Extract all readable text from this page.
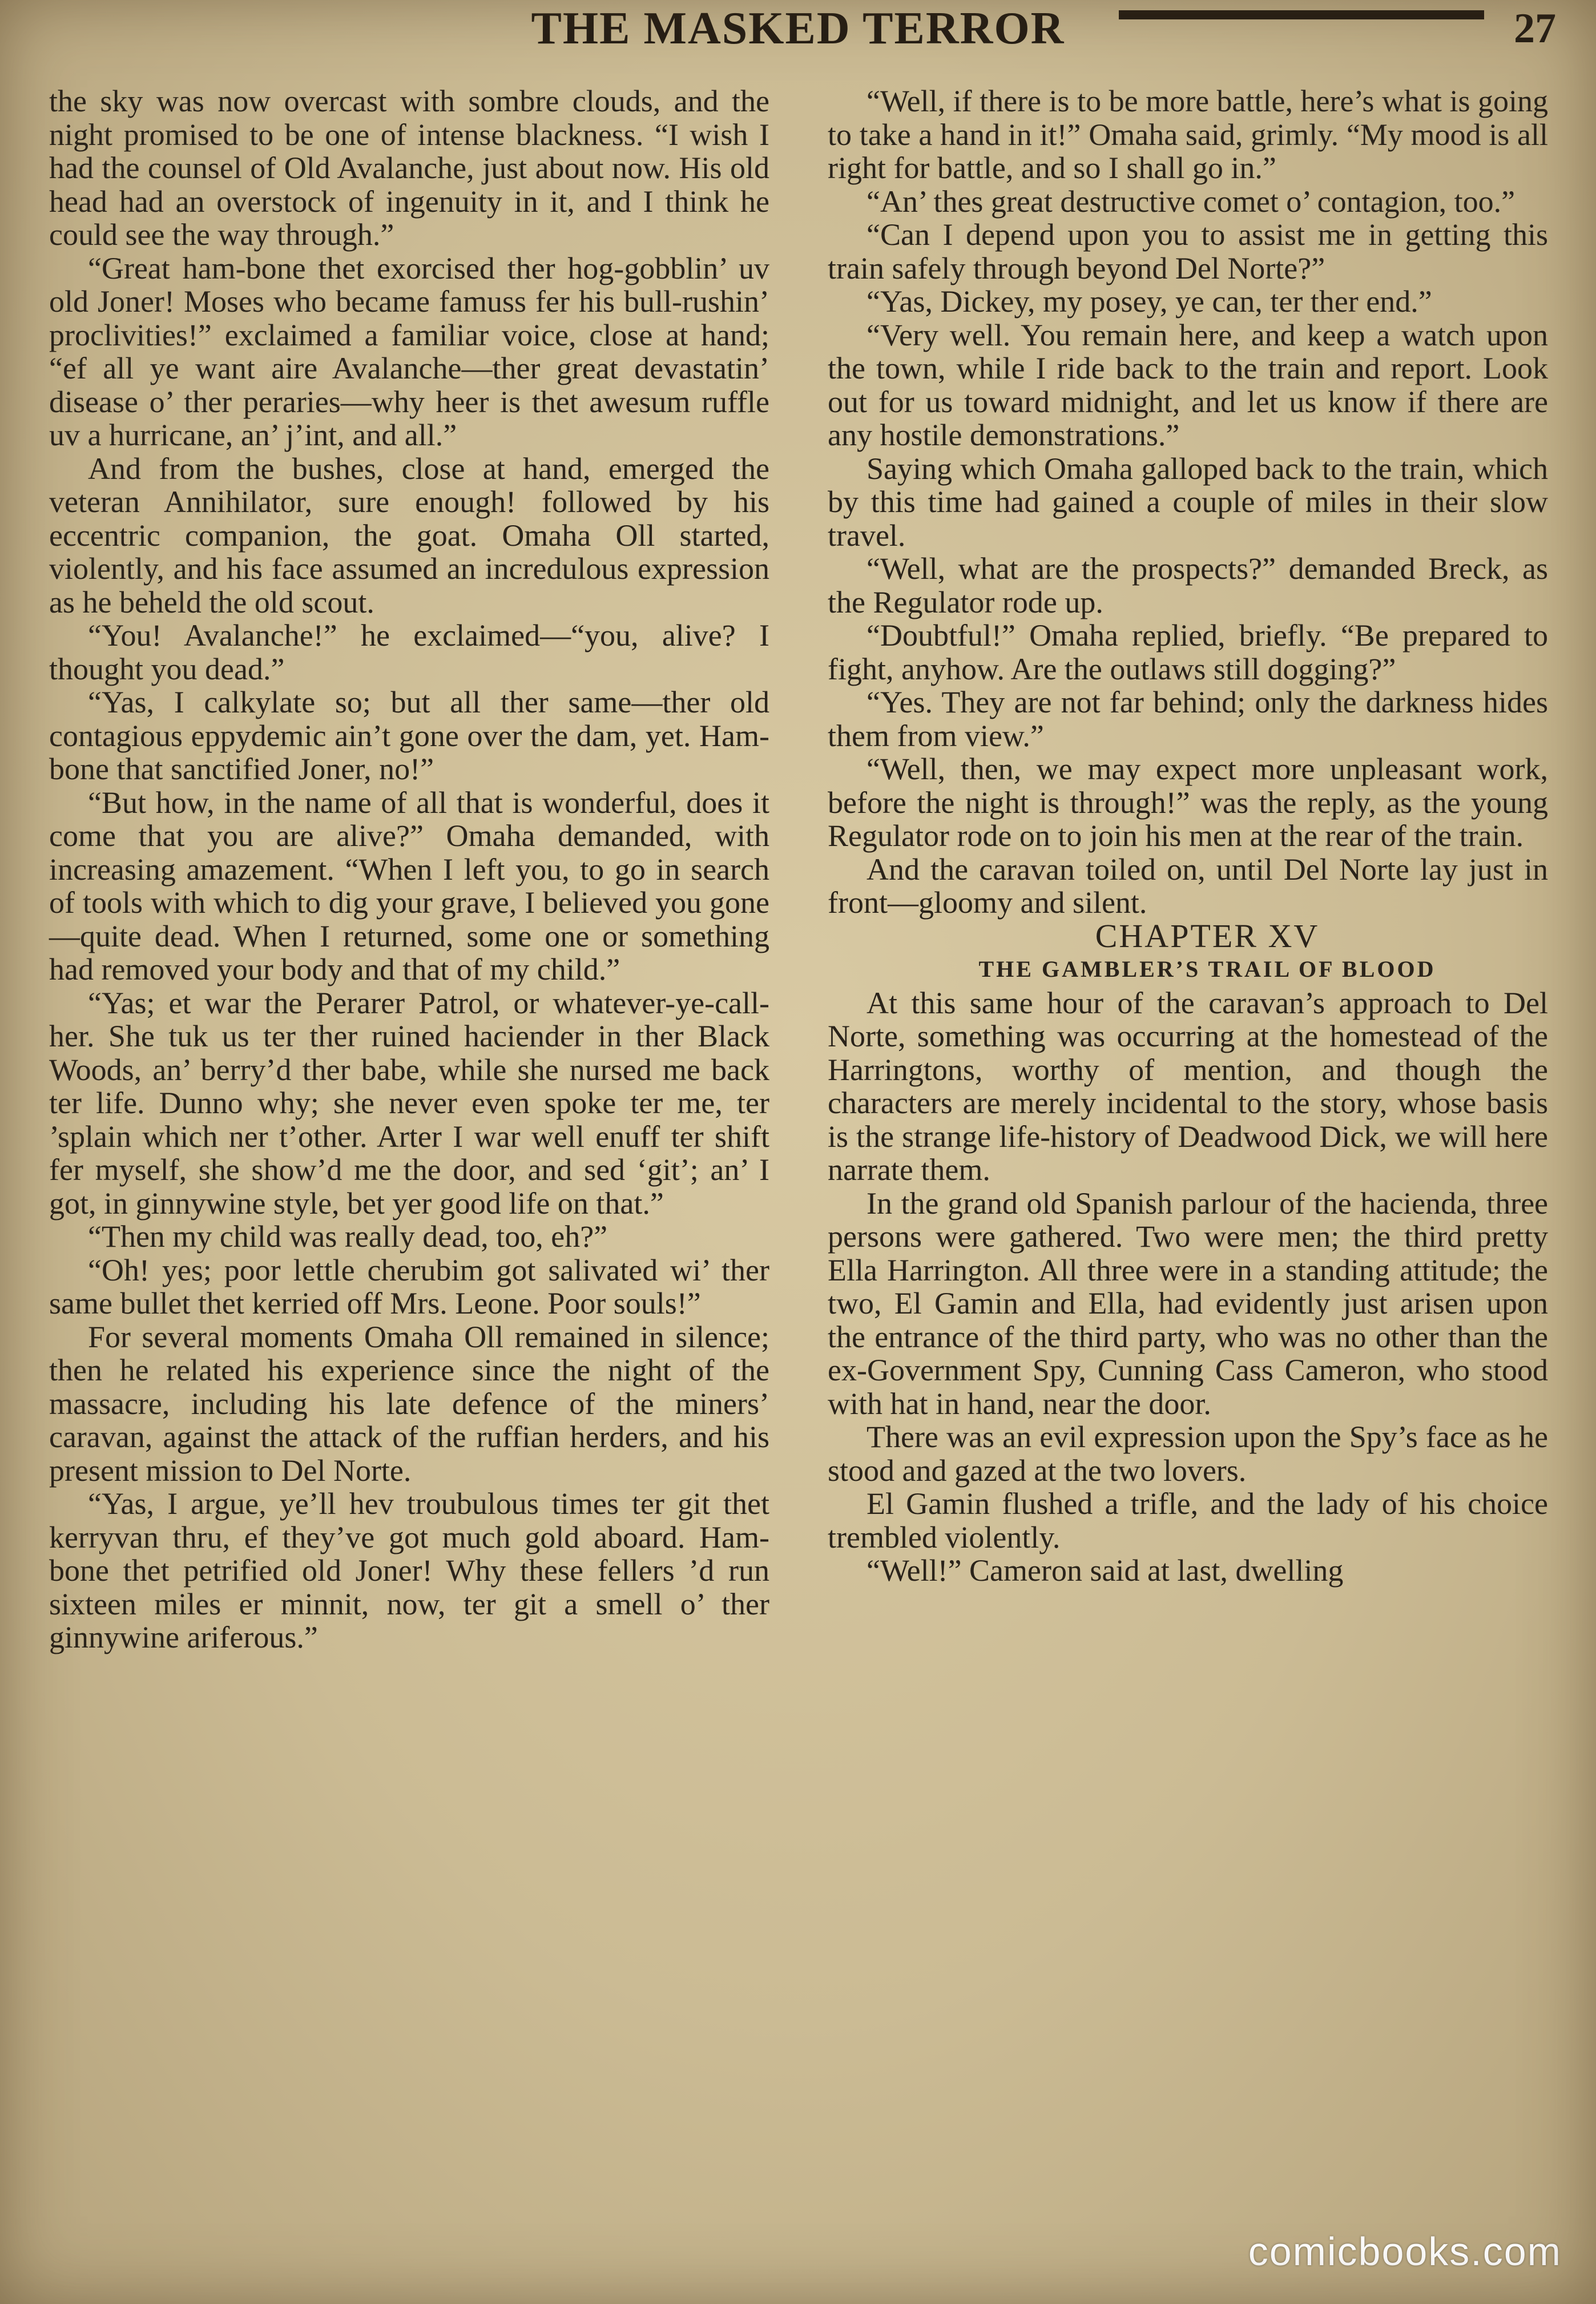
THE MASKED TERROR	27

the sky was now overcast with sombre clouds, and the night promised to be one of intense blackness. “I wish I had the counsel of Old Avalanche, just about now. His old head had an overstock of ingenuity in it, and I think he could see the way through.”

“Great ham-bone thet exorcised ther hog-gobblin’ uv old Joner! Moses who became famuss fer his bull-rushin’ proclivities!” exclaimed a familiar voice, close at hand; “ef all ye want aire Avalanche—ther great devastatin’ disease o’ ther peraries—why heer is thet awesum ruffle uv a hurricane, an’ j’int, and all.”

And from the bushes, close at hand, emerged the veteran Annihilator, sure enough! followed by his eccentric companion, the goat. Omaha Oll started, violently, and his face assumed an incredulous expression as he beheld the old scout.

“You! Avalanche!” he exclaimed—“you, alive? I thought you dead.”

“Yas, I calkylate so; but all ther same—ther old contagious eppydemic ain’t gone over the dam, yet. Ham-bone that sanctified Joner, no!”

“But how, in the name of all that is wonderful, does it come that you are alive?” Omaha demanded, with increasing amazement. “When I left you, to go in search of tools with which to dig your grave, I believed you gone—quite dead. When I returned, some one or something had removed your body and that of my child.”

“Yas; et war the Perarer Patrol, or whatever-ye-call-her. She tuk us ter ther ruined haciender in ther Black Woods, an’ berry’d ther babe, while she nursed me back ter life. Dunno why; she never even spoke ter me, ter ’splain which ner t’other. Arter I war well enuff ter shift fer myself, she show’d me the door, and sed ‘git’; an’ I got, in ginnywine style, bet yer good life on that.”

“Then my child was really dead, too, eh?”

“Oh! yes; poor lettle cherubim got salivated wi’ ther same bullet thet kerried off Mrs. Leone. Poor souls!”

For several moments Omaha Oll remained in silence; then he related his experience since the night of the massacre, including his late defence of the miners’ caravan, against the attack of the ruffian herders, and his present mission to Del Norte.

“Yas, I argue, ye’ll hev troubulous times ter git thet kerryvan thru, ef they’ve got much gold aboard. Ham-bone thet petrified old Joner! Why these fellers ’d run sixteen miles er minnit, now, ter git a smell o’ ther ginnywine ariferous.”

“Well, if there is to be more battle, here’s what is going to take a hand in it!” Omaha said, grimly. “My mood is all right for battle, and so I shall go in.”

“An’ thes great destructive comet o’ contagion, too.”

“Can I depend upon you to assist me in getting this train safely through beyond Del Norte?”

“Yas, Dickey, my posey, ye can, ter ther end.”

“Very well. You remain here, and keep a watch upon the town, while I ride back to the train and report. Look out for us toward midnight, and let us know if there are any hostile demonstrations.”

Saying which Omaha galloped back to the train, which by this time had gained a couple of miles in their slow travel.

“Well, what are the prospects?” demanded Breck, as the Regulator rode up.

“Doubtful!” Omaha replied, briefly. “Be prepared to fight, anyhow. Are the outlaws still dogging?”

“Yes. They are not far behind; only the darkness hides them from view.”

“Well, then, we may expect more unpleasant work, before the night is through!” was the reply, as the young Regulator rode on to join his men at the rear of the train.

And the caravan toiled on, until Del Norte lay just in front—gloomy and silent.

CHAPTER XV

THE GAMBLER’S TRAIL OF BLOOD

At this same hour of the caravan’s approach to Del Norte, something was occurring at the homestead of the Harringtons, worthy of mention, and though the characters are merely incidental to the story, whose basis is the strange life-history of Deadwood Dick, we will here narrate them.

In the grand old Spanish parlour of the hacienda, three persons were gathered. Two were men; the third pretty Ella Harrington. All three were in a standing attitude; the two, El Gamin and Ella, had evidently just arisen upon the entrance of the third party, who was no other than the ex-Government Spy, Cunning Cass Cameron, who stood with hat in hand, near the door.

There was an evil expression upon the Spy’s face as he stood and gazed at the two lovers.

El Gamin flushed a trifle, and the lady of his choice trembled violently.

“Well!” Cameron said at last, dwelling

comicbooks.com
